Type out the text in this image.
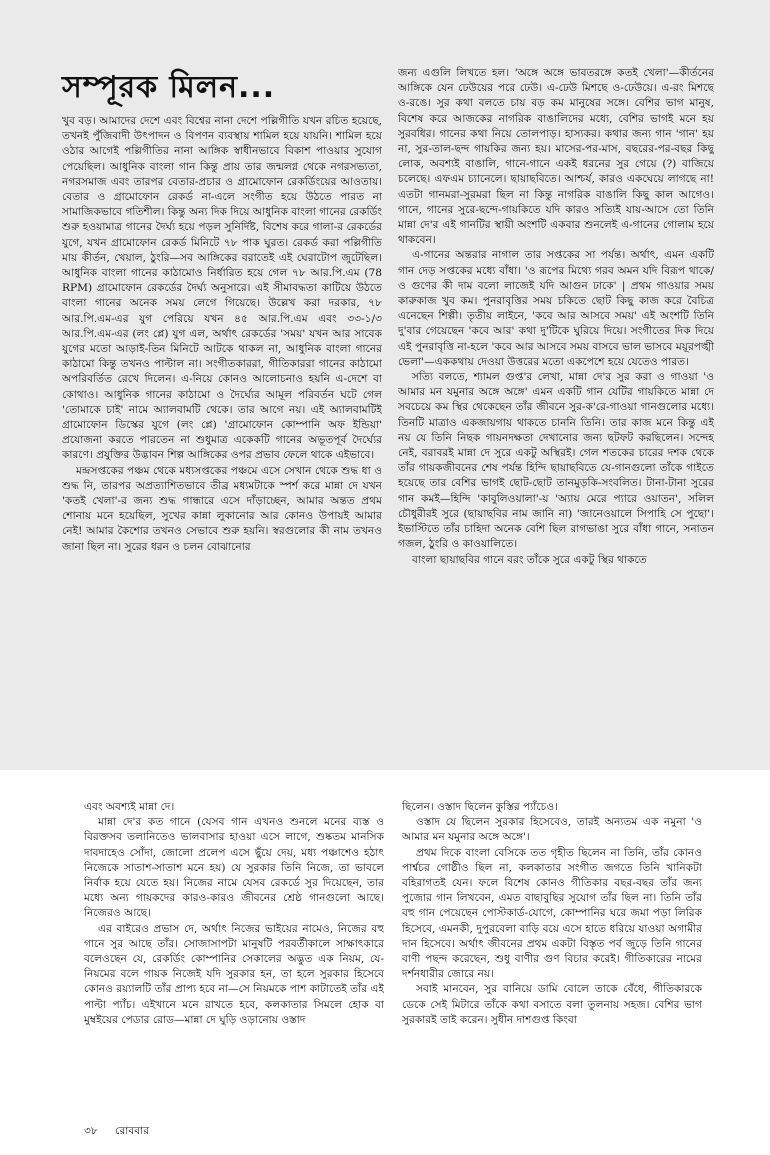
সম্পূরক মিলন...

খুব বড়। আমাদের দেশে এবং বিশ্বের নানা দেশে পল্লিগীতি যখন রচিত হয়েছে, তখনই পুঁজিবাদী উৎপাদন ও বিপণন ব্যবস্থায় শামিল হয়ে যায়নি। শামিল হয়ে ওঠার আগেই পল্লিগীতির নানা আঙ্গিক স্বাধীনভাবে বিকাশ পাওয়ার সুযোগ পেয়েছিল। আধুনিক বাংলা গান কিন্তু প্রায় তার জন্মলগ্ন থেকে নগরসভ্যতা, নগরসমাজ এবং তারপর বেতার-প্রচার ও গ্রামোফোন রেকর্ডিংয়ের আওতায়। বেতার ও গ্রামোফোন রেকর্ড না-এলে সংগীত হয়ে উঠতে পারত না সামাজিকভাবে গতিশীল। কিন্তু অন্য দিক দিয়ে আধুনিক বাংলা গানের রেকর্ডিং শুরু হওয়ামাত্র গানের দৈর্ঘ্য হয়ে পড়ল সুনির্দিষ্ট, বিশেষ করে গালা-র রেকর্ডের যুগে, যখন গ্রামোফোন রেকর্ড মিনিটে ৭৮ পাক ঘুরত। রেকর্ড করা পল্লিগীতি মায় কীর্তন, খেয়াল, ঠুংরি—সব আঙ্গিকের বরাতেই এই ঘেরাটোপ জুটেছিল। আধুনিক বাংলা গানের কাঠামোও নির্ধারিত হয়ে গেল ৭৮ আর.পি.এম (78 RPM) গ্রামোফোন রেকর্ডের দৈর্ঘ্য অনুসারে। এই সীমাবদ্ধতা কাটিয়ে উঠতে বাংলা গানের অনেক সময় লেগে গিয়েছে। উল্লেখ করা দরকার, ৭৮ আর.পি.এম-এর যুগ পেরিয়ে যখন ৪৫ আর.পি.এম এবং ৩৩-১/৩ আর.পি.এম-এর (লং প্লে) যুগ এল, অর্থাৎ রেকর্ডের 'সময়' যখন আর সাবেক যুগের মতো আড়াই-তিন মিনিটে আটকে থাকল না, আধুনিক বাংলা গানের কাঠামো কিন্তু তখনও পাল্টাল না। সংগীতকাররা, গীতিকাররা গানের কাঠামো অপরিবর্তিত রেখে দিলেন। এ-নিয়ে কোনও আলোচনাও হয়নি এ-দেশে বা কোথাও। আধুনিক গানের কাঠামো ও দৈর্ঘ্যের আমূল পরিবর্তন ঘটে গেল 'তোমাকে চাই' নামে অ্যালবামটি থেকে। তার আগে নয়। এই অ্যালবামটিই গ্রামোফোন ডিস্কের যুগে (লং প্লে) 'গ্রামোফোন কোম্পানি অফ ইন্ডিয়া' প্রযোজনা করতে পারতেন না শুধুমাত্র একেকটি গানের অভূতপূর্ব দৈর্ঘ্যের কারণে। প্রযুক্তির উদ্ভাবন শিল্প আঙ্গিকের ওপর প্রভাব ফেলে থাকে এইভাবে।

মন্দ্রসপ্তকের পঞ্চম থেকে মধ্যসপ্তকের পঞ্চমে এসে সেখান থেকে শুদ্ধ ধা ও শুদ্ধ নি, তারপর অপ্রত্যাশিতভাবে তীব্র মধ্যমটাকে স্পর্শ করে মান্না দে যখন 'কতই খেলা'-র জন্য শুদ্ধ গান্ধারে এসে দাঁড়াচ্ছেন, আমার অন্তত প্রথম শোনায় মনে হয়েছিল, সুখের কান্না লুকানোর আর কোনও উপায়ই আমার নেই! আমার কৈশোর তখনও সেভাবে শুরু হয়নি। স্বরগুলোর কী নাম তখনও জানা ছিল না। সুরের ধরন ও চলন বোঝানোর

জন্য এগুলি লিখতে হল। 'অঙ্গে অঙ্গে ভাবতরঙ্গে কতই খেলা'—কীর্তনের আঙ্গিকে যেন ঢেউয়ের পরে ঢেউ। এ-ঢেউ মিশছে ও-ঢেউয়ে। এ-রং মিশছে ও-রঙে। সুর কথা বলতে চায় বড় কম মানুষের সঙ্গে। বেশির ভাগ মানুষ, বিশেষ করে আজকের নাগরিক বাঙালিদের মধ্যে, বেশির ভাগই মনে হয় সুরবধির। গানের কথা নিয়ে তোলপাড়। হাস্যকর। কথার জন্য গান 'গান' হয় না, সুর-তাল-ছন্দ গায়কির জন্য হয়। মাসের-পর-মাস, বছরের-পর-বছর কিছু লোক, অবশ্যই বাঙালি, গানে-গানে একই ধরনের সুর গেয়ে (?) বাজিয়ে চলেছে। এফএম চ্যানেলে। ছায়াছবিতে। আশ্চর্য, কারও একঘেয়ে লাগছে না! এতটা গানমরা-সুরমরা ছিল না কিন্তু নাগরিক বাঙালি কিছু কাল আগেও। গানে, গানের সুরে-ছন্দে-গায়কিতে যদি কারও সত্যিই যায়-আসে তো তিনি মান্না দে'র এই গানটির স্থায়ী অংশটি একবার শুনলেই এ-গানের গোলাম হয়ে থাকবেন।

এ-গানের অন্তরার নাগাল তার সপ্তকের সা পর্যন্ত। অর্থাৎ, এমন একটি গান দেড় সপ্তকের মধ্যে বাঁধা। 'ও রূপের মিথ্যে গরব অমন যদি বিরূপ থাকে/ ও গুণের কী দাম বলো লাজেই যদি আগুন ঢাকে' | প্রথম গাওয়ার সময় কারুকাজ খুব কম। পুনরাবৃত্তির সময় চকিতে ছোট কিছু কাজ করে বৈচিত্র এনেছেন শিল্পী। তৃতীয় লাইনে, 'কবে আর আসবে সময়' এই অংশটি তিনি দু'বার গেয়েছেন 'কবে আর' কথা দু'টিকে ঘুরিয়ে দিয়ে। সংগীতের দিক দিয়ে এই পুনরাবৃত্তি না-হলে 'কবে আর আসবে সময় বাসবে ভাল ভাসবে ময়ূরপঙ্খী ভেলা'—এককথায় দেওয়া উত্তরের মতো একপেশে হয়ে যেতেও পারত।

সত্যি বলতে, শ্যামল গুপ্ত'র লেখা, মান্না দে'র সুর করা ও গাওয়া 'ও আমার মন যমুনার অঙ্গে অঙ্গে' এমন একটি গান যেটির গায়কিতে মান্না দে সবচেয়ে কম স্থির থেকেছেন তাঁর জীবনে সুর-ক'রে-গাওয়া গানগুলোর মধ্যে। তিনটি মাত্রাও একজায়গায় থাকতে চাননি তিনি। তার কাজ মনে কিন্তু এই নয় যে তিনি নিছক গায়নদক্ষতা দেখানোর জন্য ছটফট করছিলেন। সন্দেহ নেই, বরাবরই মান্না দে সুরে একটু অস্থিরই। গেল শতকের চারের দশক থেকে তাঁর গায়কজীবনের শেষ পর্যন্ত হিন্দি ছায়াছবিতে যে-গানগুলো তাঁকে গাইতে হয়েছে তার বেশির ভাগই ছোট-ছোট তানমুড়কি-সংবলিত। টানা-টানা সুরের গান কমই—হিন্দি 'কাবুলিওয়ালা'-য় 'অ্যায় মেরে প্যারে ওয়াতন', সলিল চৌধুরীরই সুরে (ছায়াছবির নাম জানি না) 'জানেওয়ালে সিপাহি সে পুছো'। ইভাস্টিতে তাঁর চাহিদা অনেক বেশি ছিল রাগভাঙা সুরে বাঁধা গানে, সনাতন গজল, ঠুংরি ও কাওয়ালিতে।

বাংলা ছায়াছবির গানে বরং তাঁকে সুরে একটু স্থির থাকতে

এবং অবশ্যই মান্না দে।

মান্না দে'র কত গানে (যেসব গান এখনও শুনলে মনের ব্যস্ত ও বিরক্তসব তলানিতেও ভালবাসার হাওয়া এসে লাগে, শুষ্কতম মানসিক দাবদাহেও সোঁদা, জোলো প্রলেপ এসে ছুঁয়ে দেয়, মধ্য পঞ্চাশেও হঠাৎ নিজেকে সাতাশ-সাতাশ মনে হয়) যে সুরকার তিনি নিজে, তা ভাবলে নির্বাক হয়ে যেতে হয়। নিজের নামে যেসব রেকর্ডে সুর দিয়েছেন, তার মধ্যে অন্য গায়কদের কারও-কারও জীবনের শ্রেষ্ঠ গানগুলো আছে। নিজেরও আছে।

এর বাইরেও প্রভাস দে, অর্থাৎ নিজের ভাইয়ের নামেও, নিজের বহু গানে সুর আছে তাঁর। সোজাসাপটা মানুষটি পরবর্তীকালে সাক্ষাৎকারে বলেওছেন যে, রেকর্ডিং কোম্পানির সেকালের অদ্ভুত এক নিয়ম, যে-নিয়মের বলে গায়ক নিজেই যদি সুরকার হন, তা হলে সুরকার হিসেবে কোনও রয়্যালটি তাঁর প্রাপ্য হবে না—সে নিয়মকে পাশ কাটাতেই তাঁর এই পাল্টা প্যাঁচ। এইখানে মনে রাখতে হবে, কলকাতার সিমলে হোক বা মুম্বইয়ের পেডার রোড—মান্না দে ঘুড়ি ওড়ানোয় ওস্তাদ

ছিলেন। ওস্তাদ ছিলেন কুস্তির প্যাঁচেও।

ওস্তাদ যে ছিলেন সুরকার হিসেবেও, তারই অন্যতম এক নমুনা 'ও আমার মন যমুনার অঙ্গে অঙ্গে'।

প্রথম দিকে বাংলা বেসিকে তত গৃহীত ছিলেন না তিনি, তাঁর কোনও পার্শ্বচর গোষ্ঠীও ছিল না, কলকাতার সংগীত জগতে তিনি খানিকটা বহিরাগতই যেন। ফলে বিশেষ কোনও গীতিকার বছর-বছর তাঁর জন্য পুজোর গান লিখবেন, এমত বাছাবুছির সুযোগ তাঁর ছিল না। তিনি তাঁর বহু গান পেয়েছেন পোস্টকার্ড-যোগে, কোম্পানির ঘরে জমা পড়া লিরিক হিসেবে, এমনকী, দুপুরবেলা বাড়ি বয়ে এসে হাতে ধরিয়ে যাওয়া অগামীর দান হিসেবে। অর্থাৎ জীবনের প্রথম একটা বিস্তৃত পর্ব জুড়ে তিনি গানের বাণী পছন্দ করেছেন, শুধু বাণীর গুণ বিচার করেই। গীতিকারের নামের দর্শনধারীর জোরে নয়।

সবাই মানবেন, সুর বানিয়ে ডামি বোলে তাকে বেঁধে, গীতিকারকে ডেকে সেই মিটারে তাঁকে কথা বসাতে বলা তুলনায় সহজ। বেশির ভাগ সুরকারই তাই করেন। সুধীন দাশগুপ্ত কিংবা

৩৮ রোববার
